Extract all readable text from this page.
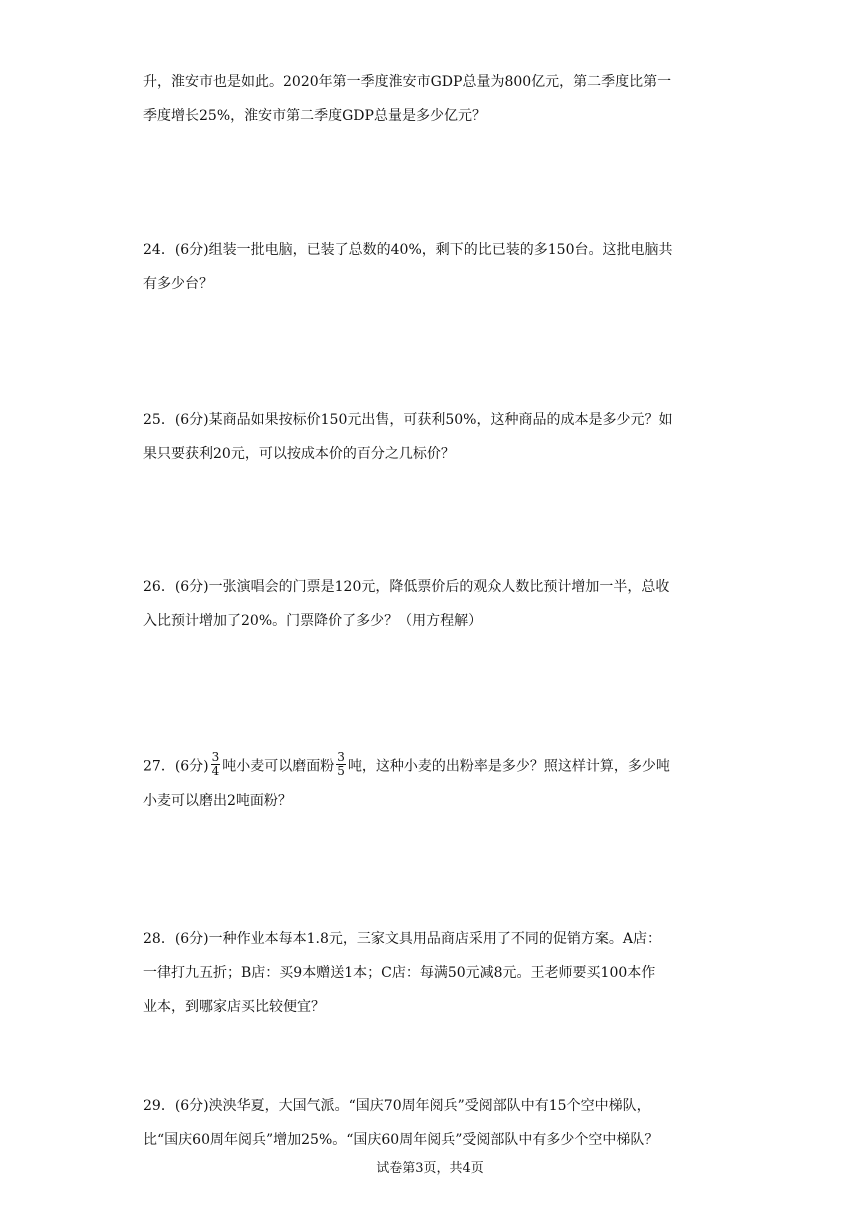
升，淮安市也是如此。2020年第一季度淮安市GDP总量为800亿元，第二季度比第一
季度增长25%，淮安市第二季度GDP总量是多少亿元？
24．(6分)组装一批电脑，已装了总数的40%，剩下的比已装的多150台。这批电脑共
有多少台？
25．(6分)某商品如果按标价150元出售，可获利50%，这种商品的成本是多少元？如
果只要获利20元，可以按成本价的百分之几标价？
26．(6分)一张演唱会的门票是120元，降低票价后的观众人数比预计增加一半，总收
入比预计增加了20%。门票降价了多少？（用方程解）
27．(6分) $\frac{3}{4}$ 吨小麦可以磨面粉 $\frac{3}{5}$ 吨，这种小麦的出粉率是多少？照这样计算，多少吨
小麦可以磨出2吨面粉？
28．(6分)一种作业本每本1.8元，三家文具用品商店采用了不同的促销方案。A店：
一律打九五折；B店：买9本赠送1本；C店：每满50元减8元。王老师要买100本作
业本，到哪家店买比较便宜？
29．(6分)泱泱华夏，大国气派。“国庆70周年阅兵”受阅部队中有15个空中梯队，
比“国庆60周年阅兵”增加25%。“国庆60周年阅兵”受阅部队中有多少个空中梯队？
试卷第3页，共4页
